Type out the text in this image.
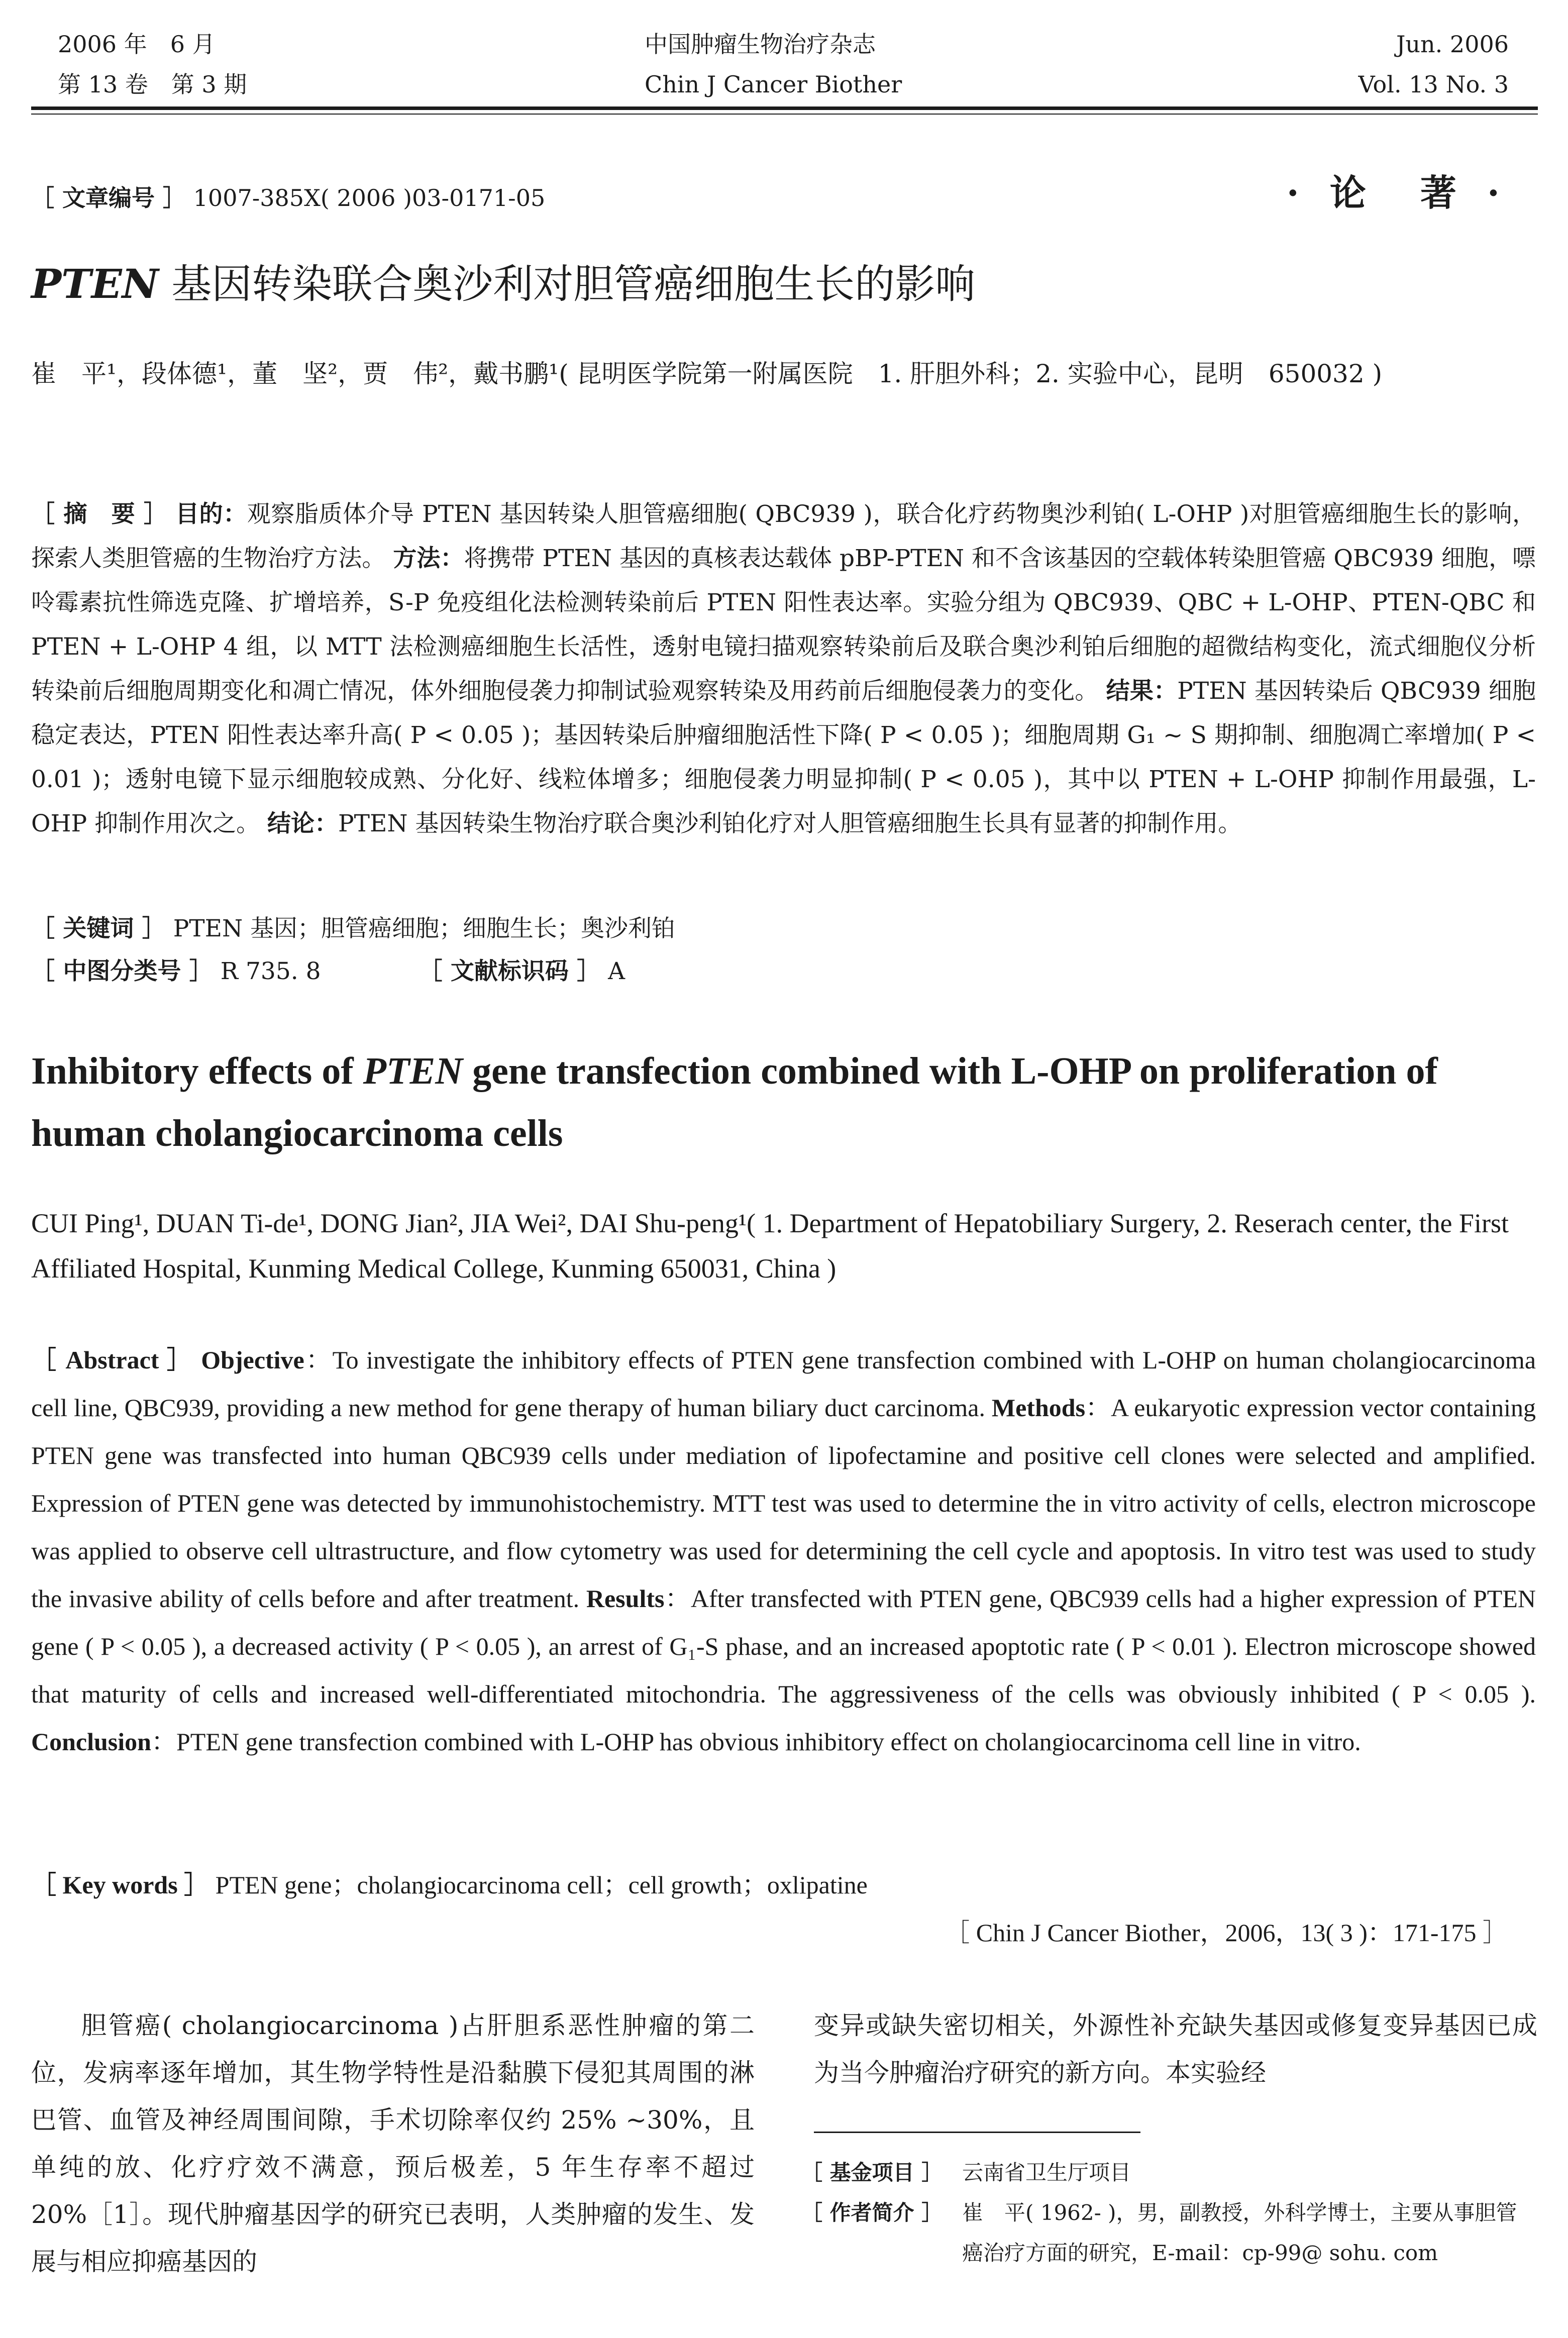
2006 年　6 月
第 13 卷　第 3 期
中国肿瘤生物治疗杂志
Chin J Cancer Biother
Jun. 2006
Vol. 13 No. 3
［ 文章编号 ］ 1007-385X( 2006 )03-0171-05	· 论　著 ·
PTEN 基因转染联合奥沙利对胆管癌细胞生长的影响
崔　平¹，段体德¹，董　坚²，贾　伟²，戴书鹏¹( 昆明医学院第一附属医院　1. 肝胆外科；2. 实验中心，昆明　650032 )
［ 摘　要 ］ 目的：观察脂质体介导 PTEN 基因转染人胆管癌细胞( QBC939 )，联合化疗药物奥沙利铂( L-OHP )对胆管癌细胞生长的影响，探索人类胆管癌的生物治疗方法。 方法：将携带 PTEN 基因的真核表达载体 pBP-PTEN 和不含该基因的空载体转染胆管癌 QBC939 细胞，嘌呤霉素抗性筛选克隆、扩增培养，S-P 免疫组化法检测转染前后 PTEN 阳性表达率。实验分组为 QBC939、QBC + L-OHP、PTEN-QBC 和 PTEN + L-OHP 4 组，以 MTT 法检测癌细胞生长活性，透射电镜扫描观察转染前后及联合奥沙利铂后细胞的超微结构变化，流式细胞仪分析转染前后细胞周期变化和凋亡情况，体外细胞侵袭力抑制试验观察转染及用药前后细胞侵袭力的变化。 结果：PTEN 基因转染后 QBC939 细胞稳定表达，PTEN 阳性表达率升高( P < 0.05 )；基因转染后肿瘤细胞活性下降( P < 0.05 )；细胞周期 G₁ ~ S 期抑制、细胞凋亡率增加( P < 0.01 )；透射电镜下显示细胞较成熟、分化好、线粒体增多；细胞侵袭力明显抑制( P < 0.05 )，其中以 PTEN + L-OHP 抑制作用最强，L-OHP 抑制作用次之。 结论：PTEN 基因转染生物治疗联合奥沙利铂化疗对人胆管癌细胞生长具有显著的抑制作用。
［ 关键词 ］ PTEN 基因；胆管癌细胞；细胞生长；奥沙利铂
［ 中图分类号 ］ R 735. 8	［ 文献标识码 ］ A
Inhibitory effects of PTEN gene transfection combined with L-OHP on proliferation of human cholangiocarcinoma cells
CUI Ping¹, DUAN Ti-de¹, DONG Jian², JIA Wei², DAI Shu-peng¹( 1. Department of Hepatobiliary Surgery, 2. Reserach center, the First Affiliated Hospital, Kunming Medical College, Kunming 650031, China )
［ Abstract ］ Objective：To investigate the inhibitory effects of PTEN gene transfection combined with L-OHP on human cholangiocarcinoma cell line, QBC939, providing a new method for gene therapy of human biliary duct carcinoma. Methods：A eukaryotic expression vector containing PTEN gene was transfected into human QBC939 cells under mediation of lipofectamine and positive cell clones were selected and amplified. Expression of PTEN gene was detected by immunohistochemistry. MTT test was used to determine the in vitro activity of cells, electron microscope was applied to observe cell ultrastructure, and flow cytometry was used for determining the cell cycle and apoptosis. In vitro test was used to study the invasive ability of cells before and after treatment. Results：After transfected with PTEN gene, QBC939 cells had a higher expression of PTEN gene ( P < 0.05 ), a decreased activity ( P < 0.05 ), an arrest of G₁-S phase, and an increased apoptotic rate ( P < 0.01 ). Electron microscope showed that maturity of cells and increased well-differentiated mitochondria. The aggressiveness of the cells was obviously inhibited ( P < 0.05 ). Conclusion：PTEN gene transfection combined with L-OHP has obvious inhibitory effect on cholangiocarcinoma cell line in vitro.
［ Key words ］ PTEN gene；cholangiocarcinoma cell；cell growth；oxlipatine
［ Chin J Cancer Biother，2006，13( 3 )：171-175 ］
胆管癌( cholangiocarcinoma )占肝胆系恶性肿瘤的第二位，发病率逐年增加，其生物学特性是沿黏膜下侵犯其周围的淋巴管、血管及神经周围间隙，手术切除率仅约 25% ~30%，且单纯的放、化疗疗效不满意，预后极差，5 年生存率不超过 20%［1］。现代肿瘤基因学的研究已表明，人类肿瘤的发生、发展与相应抑癌基因的
变异或缺失密切相关，外源性补充缺失基因或修复变异基因已成为当今肿瘤治疗研究的新方向。本实验经
［ 基金项目 ］ 云南省卫生厅项目
［ 作者简介 ］ 崔　平( 1962- )，男，副教授，外科学博士，主要从事胆管癌治疗方面的研究，E-mail：cp-99@ sohu. com
